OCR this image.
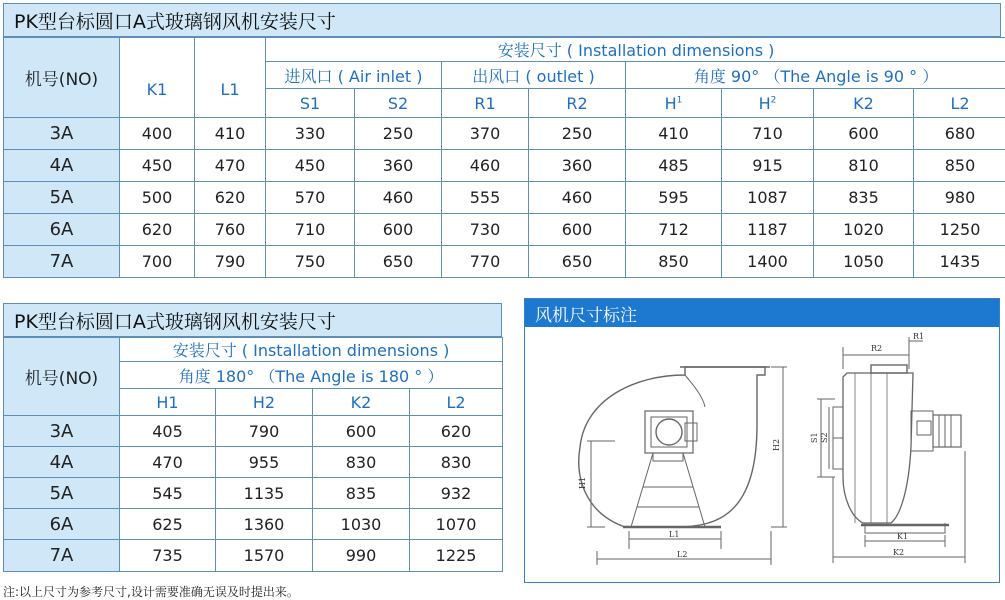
PK型台标圆口A式玻璃钢风机安装尺寸
机号(NO)			安装尺寸 ( Installation dimensions )							
	K1	L1	进风口 ( Air inlet )		出风口 ( outlet )		角度 90° （The Angle is 90 ° ）			
			S1	S2	R1	R2	$H^1$	$H^2$	K2	L2
3A	400	410	330	250	370	250	410	710	600	680
4A	450	470	450	360	460	360	485	915	810	850
5A	500	620	570	460	555	460	595	1087	835	980
6A	620	760	710	600	730	600	712	1187	1020	1250
7A	700	790	750	650	770	650	850	1400	1050	1435
PK型台标圆口A式玻璃钢风机安装尺寸
机号(NO)	安装尺寸 ( Installation dimensions )			
	角度 180° （The Angle is 180 ° ）			
	H1	H2	K2	L2
3A	405	790	600	620
4A	470	955	830	830
5A	545	1135	835	932
6A	625	1360	1030	1070
7A	735	1570	990	1225
风机尺寸标注
H1
H2
L1
L2
R2
R1
S1 S2
K1
K2
注:以上尺寸为参考尺寸,设计需要准确无误及时提出来。
